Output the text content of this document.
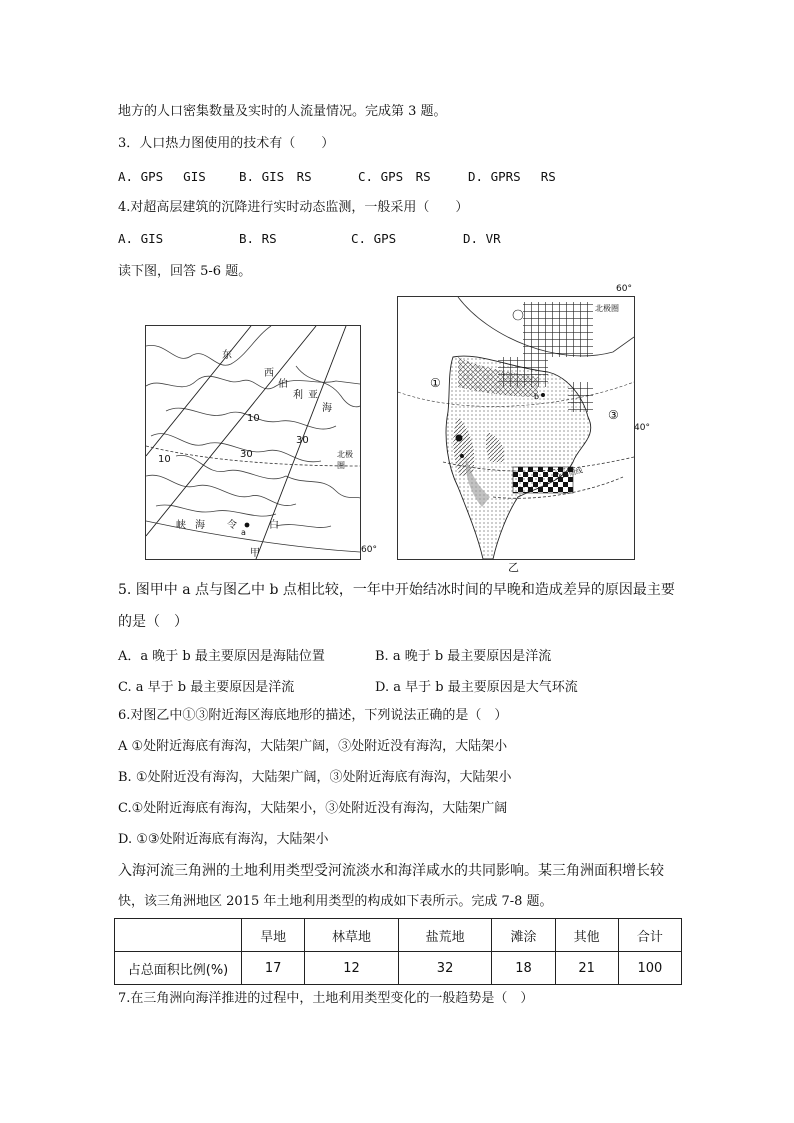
地方的人口密集数量及实时的人流量情况。完成第 3 题。
3．人口热力图使用的技术有（　　）
A. GPS　 GIS	B. GIS　RS	C. GPS　RS	D. GPRS　 RS
4.对超高层建筑的沉降进行实时动态监测，一般采用（　　）
A. GIS	B. RS	C. GPS	D. VR
读下图，回答 5-6 题。
东
西
伯
利 亚
海
10
30
10
30
北极圈
峡 海 令	白
a
甲	60°
北极圈
①
③
b
北回归线
60°
40°
乙
5. 图甲中 a 点与图乙中 b 点相比较，一年中开始结冰时间的早晚和造成差异的原因最主要
的是（　）
A．a 晚于 b 最主要原因是海陆位置	B. a 晚于 b 最主要原因是洋流
C. a 早于 b 最主要原因是洋流	D. a 早于 b 最主要原因是大气环流
6.对图乙中①③附近海区海底地形的描述，下列说法正确的是（　）
A ①处附近海底有海沟，大陆架广阔，③处附近没有海沟，大陆架小
B. ①处附近没有海沟，大陆架广阔，③处附近海底有海沟，大陆架小
C.①处附近海底有海沟，大陆架小，③处附近没有海沟，大陆架广阔
D. ①③处附近海底有海沟，大陆架小
入海河流三角洲的土地利用类型受河流淡水和海洋咸水的共同影响。某三角洲面积增长较
快，该三角洲地区 2015 年土地利用类型的构成如下表所示。完成 7-8 题。
	旱地	林草地	盐荒地	滩涂	其他	合计
占总面积比例(%)	17	12	32	18	21	100
7.在三角洲向海洋推进的过程中，土地利用类型变化的一般趋势是（　）
